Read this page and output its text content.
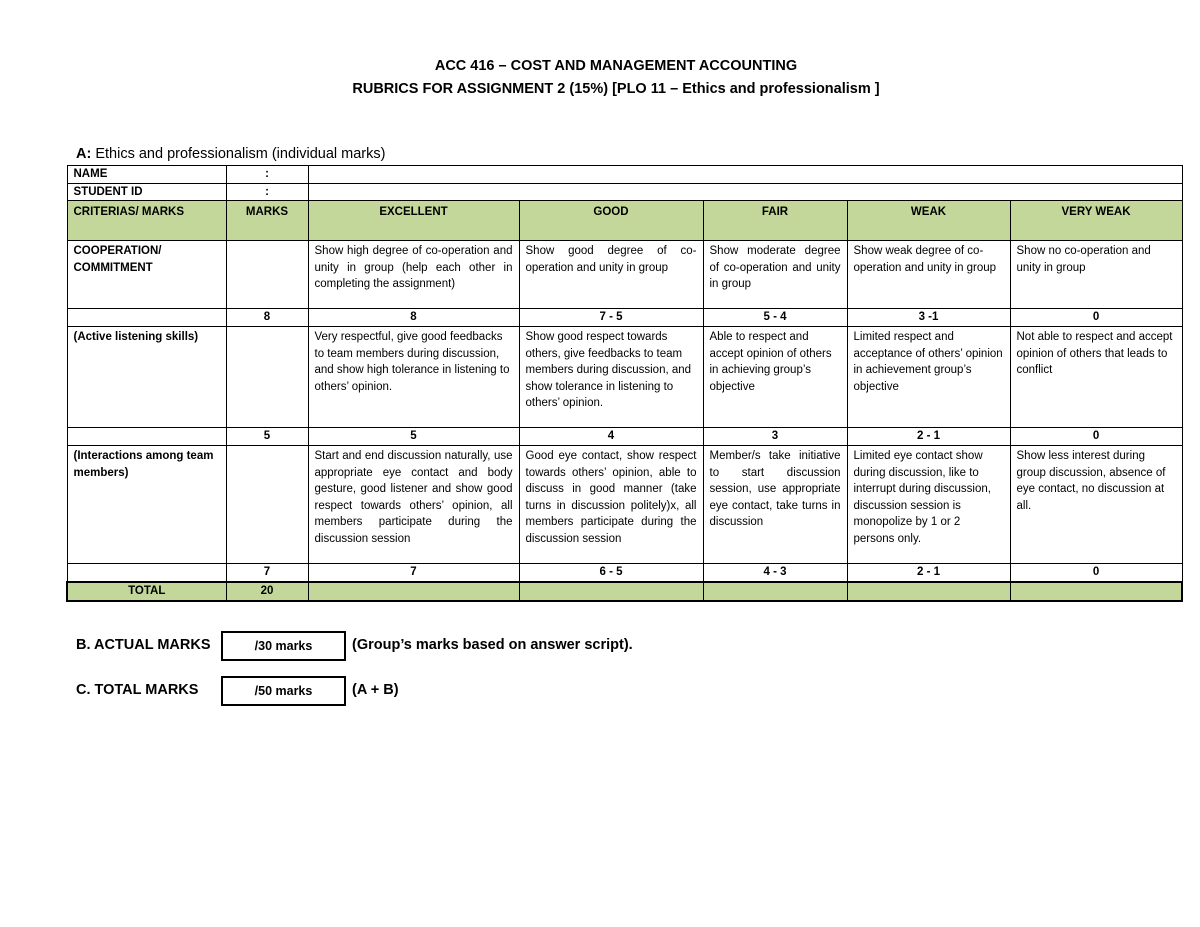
ACC 416 – COST AND MANAGEMENT ACCOUNTING
RUBRICS FOR ASSIGNMENT 2 (15%) [PLO 11 – Ethics and professionalism ]
A: Ethics and professionalism (individual marks)
NAME	:					
STUDENT ID	:					
CRITERIAS/ MARKS	MARKS	EXCELLENT	GOOD	FAIR	WEAK	VERY WEAK
COOPERATION/ COMMITMENT		Show high degree of co-operation and unity in group (help each other in completing the assignment)	Show good degree of co-operation and unity in group	Show moderate degree of co-operation and unity in group	Show weak degree of co-operation and unity in group	Show no co-operation and unity in group
	8	8	7 - 5	5 - 4	3 -1	0
(Active listening skills)		Very respectful, give good feedbacks to team members during discussion, and show high tolerance in listening to others’ opinion.	Show good respect towards others, give feedbacks to team members during discussion, and show tolerance in listening to others’ opinion.	Able to respect and accept opinion of others in achieving group’s objective	Limited respect and acceptance of others’ opinion in achievement group’s objective	Not able to respect and accept opinion of others that leads to conflict
	5	5	4	3	2 - 1	0
(Interactions among team members)		Start and end discussion naturally, use appropriate eye contact and body gesture, good listener and show good respect towards others’ opinion, all members participate during the discussion session	Good eye contact, show respect towards others’ opinion, able to discuss in good manner (take turns in discussion politely)x, all members participate during the discussion session	Member/s take initiative to start discussion session, use appropriate eye contact, take turns in discussion	Limited eye contact show during discussion, like to interrupt during discussion, discussion session is monopolize by 1 or 2 persons only.	Show less interest during group discussion, absence of eye contact, no discussion at all.
	7	7	6 - 5	4 - 3	2 - 1	0
TOTAL	20					
B. ACTUAL MARKS	/30 marks	(Group’s marks based on answer script).
C. TOTAL MARKS	/50 marks	(A + B)
